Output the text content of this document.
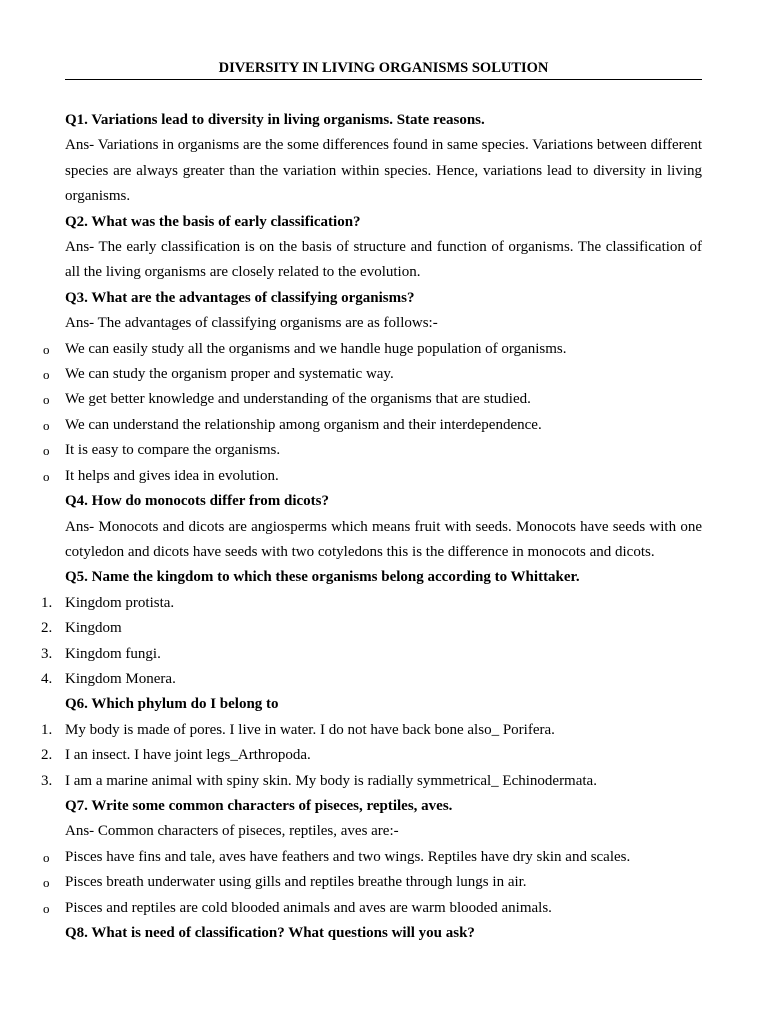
DIVERSITY IN LIVING ORGANISMS SOLUTION

Q1. Variations lead to diversity in living organisms. State reasons.

Ans- Variations in organisms are the some differences found in same species. Variations between different species are always greater than the variation within species. Hence, variations lead to diversity in living organisms.

Q2. What was the basis of early classification?

Ans- The early classification is on the basis of structure and function of organisms. The classification of all the living organisms are closely related to the evolution.

Q3. What are the advantages of classifying organisms?

Ans- The advantages of classifying organisms are as follows:-

o	We can easily study all the organisms and we handle huge population of organisms.
o	We can study the organism proper and systematic way.
o	We get better knowledge and understanding of the organisms that are studied.
o	We can understand the relationship among organism and their interdependence.
o	It is easy to compare the organisms.
o	It helps and gives idea in evolution.

Q4. How do monocots differ from dicots?

Ans- Monocots and dicots are angiosperms which means fruit with seeds. Monocots have seeds with one cotyledon and dicots have seeds with two cotyledons this is the difference in monocots and dicots.

Q5. Name the kingdom to which these organisms belong according to Whittaker.

1. Kingdom protista.
2. Kingdom
3. Kingdom fungi.
4. Kingdom Monera.

Q6. Which phylum do I belong to

1. My body is made of pores. I live in water. I do not have back bone also_ Porifera.
2. I an insect. I have joint legs_Arthropoda.
3. I am a marine animal with spiny skin. My body is radially symmetrical_ Echinodermata.

Q7. Write some common characters of piseces, reptiles, aves.

Ans- Common characters of piseces, reptiles, aves are:-

o	Pisces have fins and tale, aves have feathers and two wings. Reptiles have dry skin and scales.
o	Pisces breath underwater using gills and reptiles breathe through lungs in air.
o	Pisces and reptiles are cold blooded animals and aves are warm blooded animals.

Q8. What is need of classification? What questions will you ask?
